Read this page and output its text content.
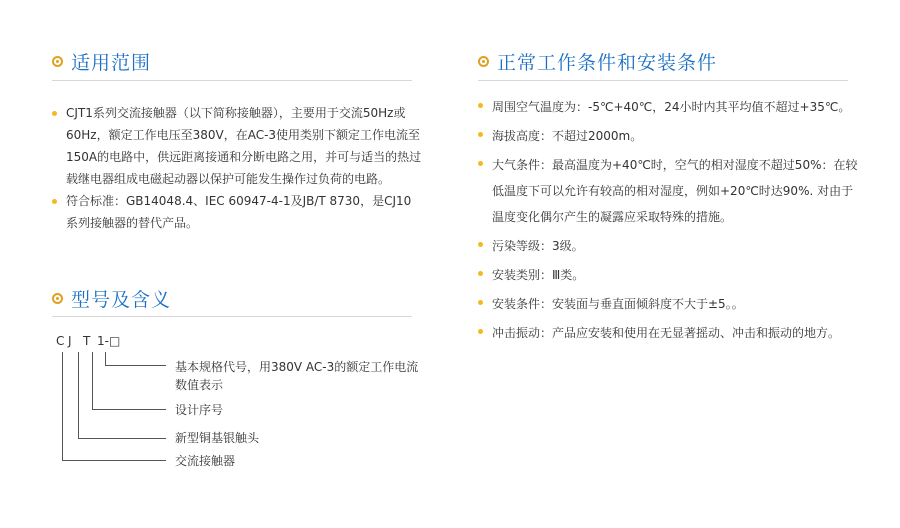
适用范围
CJT1系列交流接触器（以下简称接触器），主要用于交流50Hz或60Hz，额定工作电压至380V，在AC-3使用类别下额定工作电流至150A的电路中，供远距离接通和分断电路之用，并可与适当的热过载继电器组成电磁起动器以保护可能发生操作过负荷的电路。
符合标准：GB14048.4、IEC 60947-4-1及JB/T 8730，是CJ10系列接触器的替代产品。
型号及含义
C J T 1-□
基本规格代号，用380V AC-3的额定工作电流数值表示
设计序号
新型铜基银触头
交流接触器
正常工作条件和安装条件
周围空气温度为：-5℃+40℃，24小时内其平均值不超过+35℃。
海拔高度：不超过2000m。
大气条件：最高温度为+40℃时，空气的相对湿度不超过50%：在较低温度下可以允许有较高的相对湿度，例如+20℃时达90%. 对由于温度变化偶尔产生的凝露应采取特殊的措施。
污染等级：3级。
安装类别：Ⅲ类。
安装条件：安装面与垂直面倾斜度不大于±5。。
冲击振动：产品应安装和使用在无显著摇动、冲击和振动的地方。
